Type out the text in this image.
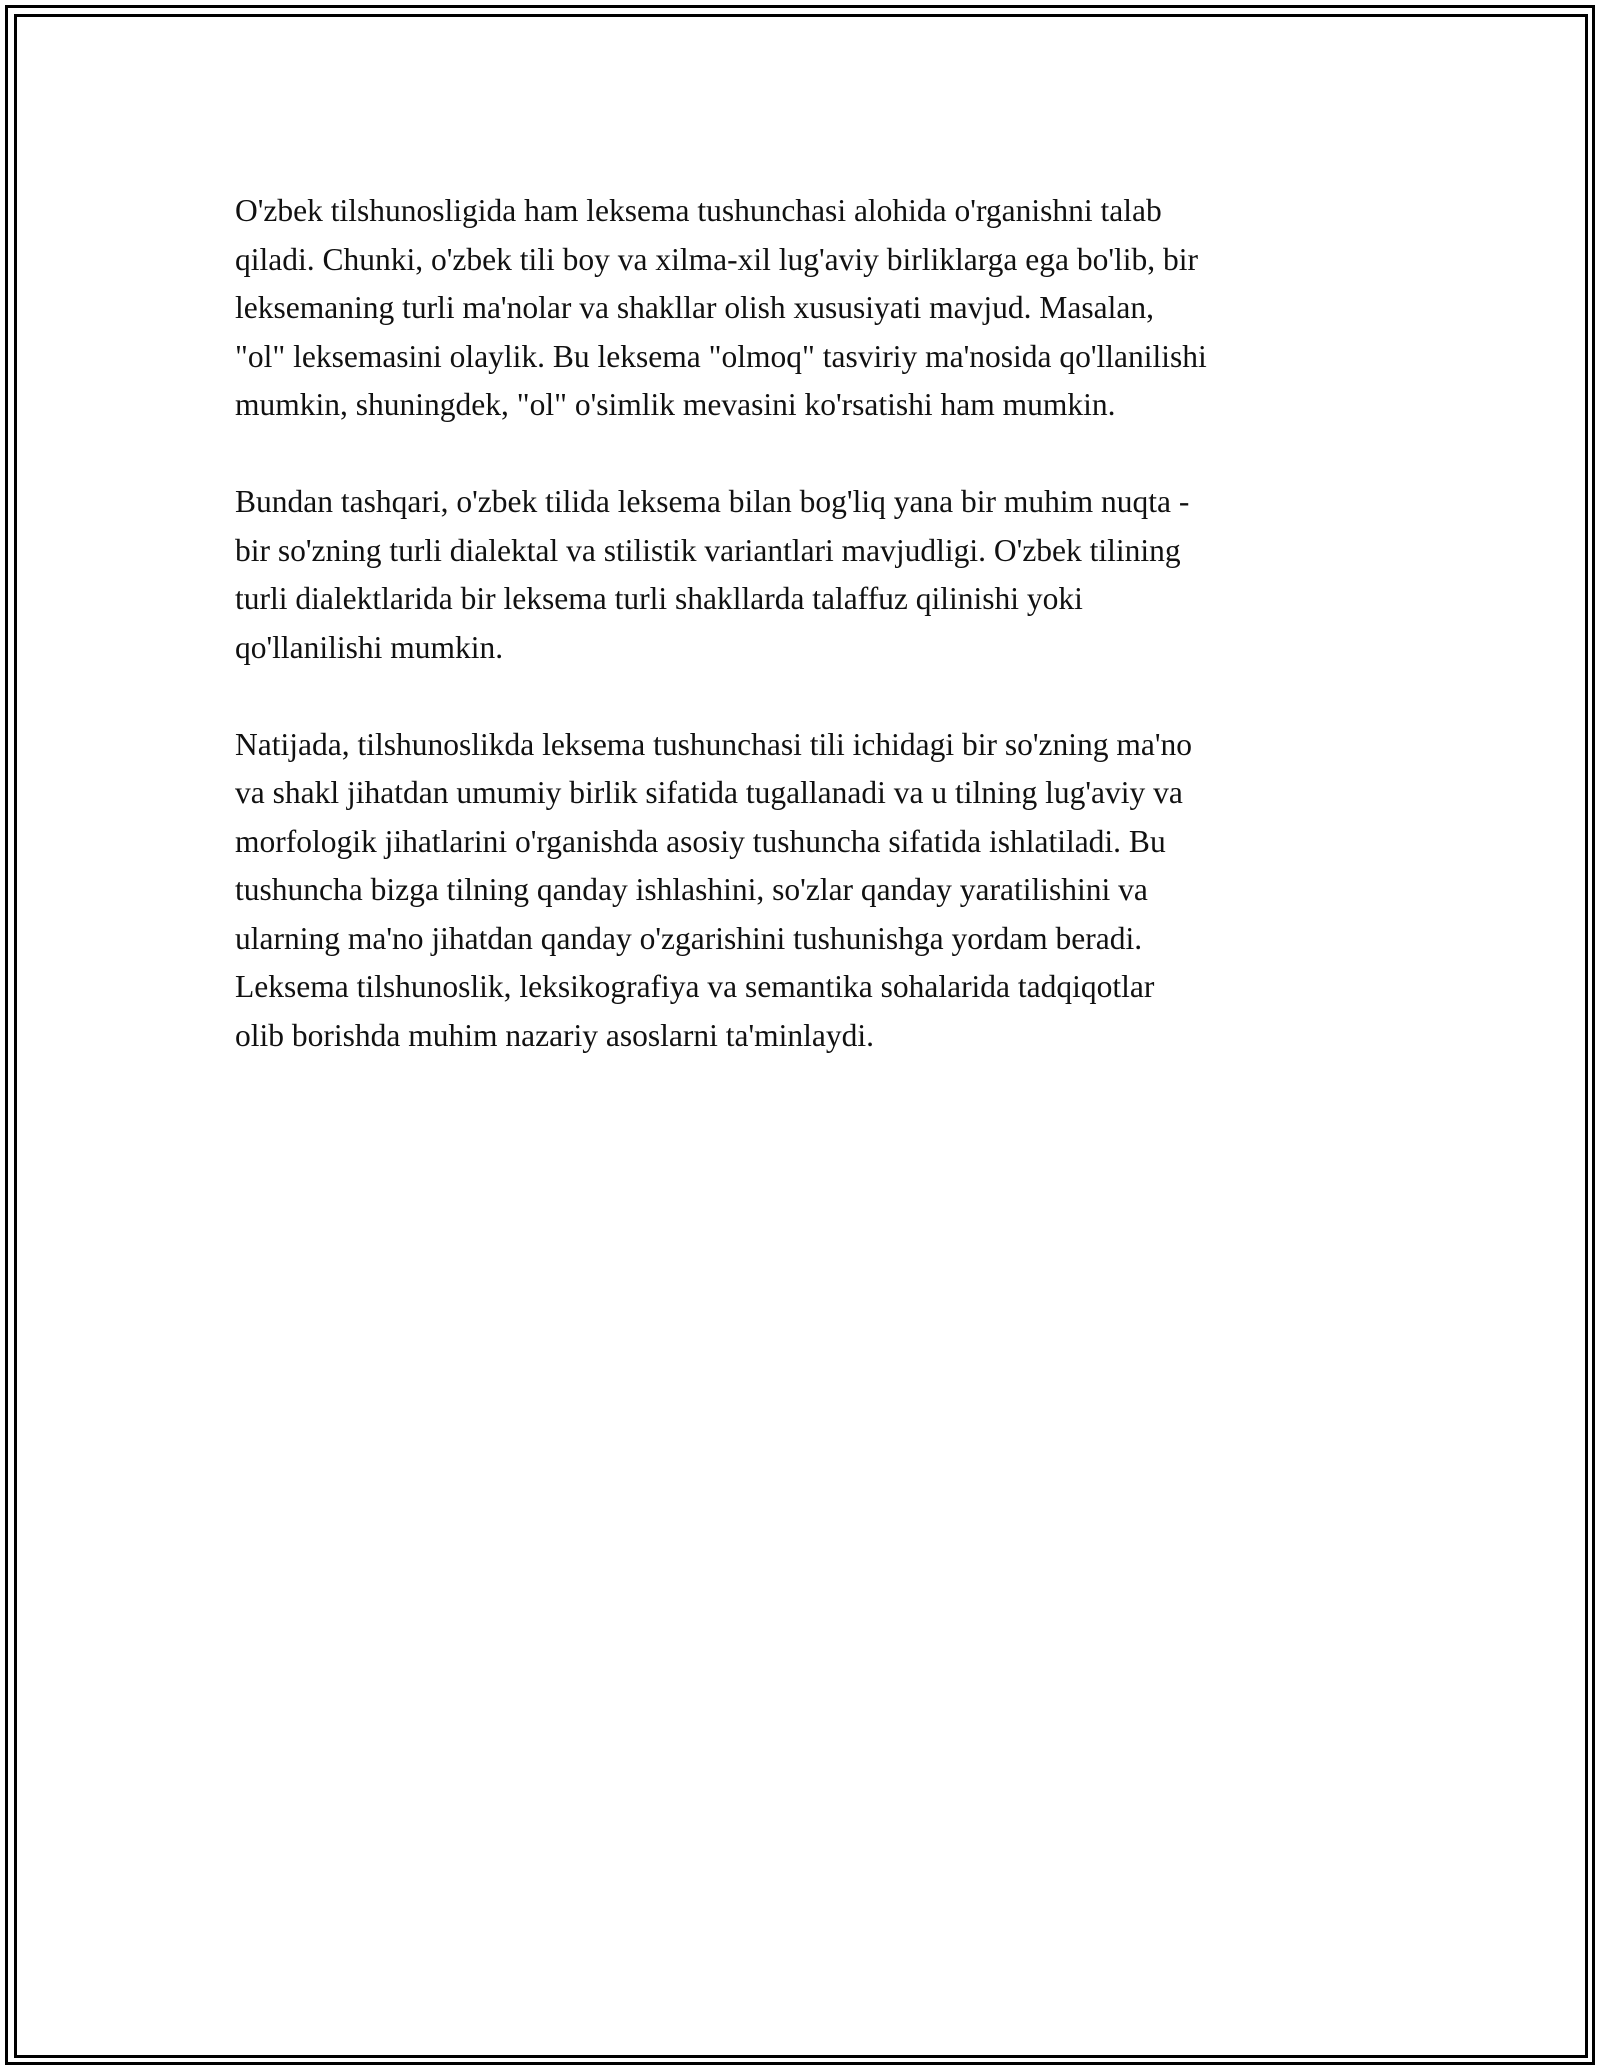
O'zbek tilshunosligida ham leksema tushunchasi alohida o'rganishni talab
qiladi. Chunki, o'zbek tili boy va xilma-xil lug'aviy birliklarga ega bo'lib, bir
leksemaning turli ma'nolar va shakllar olish xususiyati mavjud. Masalan,
"ol" leksemasini olaylik. Bu leksema "olmoq" tasviriy ma'nosida qo'llanilishi
mumkin, shuningdek, "ol" o'simlik mevasini ko'rsatishi ham mumkin.
Bundan tashqari, o'zbek tilida leksema bilan bog'liq yana bir muhim nuqta -
bir so'zning turli dialektal va stilistik variantlari mavjudligi. O'zbek tilining
turli dialektlarida bir leksema turli shakllarda talaffuz qilinishi yoki
qo'llanilishi mumkin.
Natijada, tilshunoslikda leksema tushunchasi tili ichidagi bir so'zning ma'no
va shakl jihatdan umumiy birlik sifatida tugallanadi va u tilning lug'aviy va
morfologik jihatlarini o'rganishda asosiy tushuncha sifatida ishlatiladi. Bu
tushuncha bizga tilning qanday ishlashini, so'zlar qanday yaratilishini va
ularning ma'no jihatdan qanday o'zgarishini tushunishga yordam beradi.
Leksema tilshunoslik, leksikografiya va semantika sohalarida tadqiqotlar
olib borishda muhim nazariy asoslarni ta'minlaydi.
